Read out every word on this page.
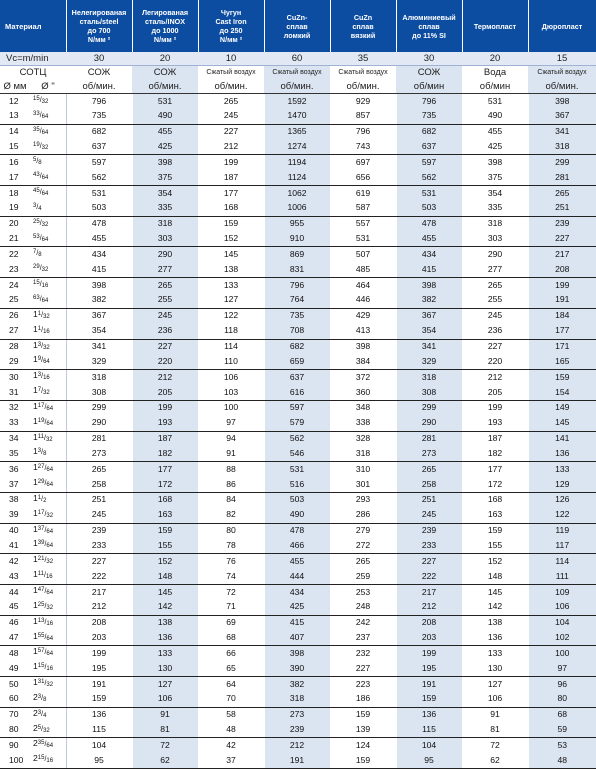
Материал		Нелегированая
сталь/steel
до 700
N/мм ²	Легированая
сталь/INOX
до 1000
N/мм ²	Чугун
Cast Iron
до 250
N/мм ²	CuZn-
сплав
ломкий	CuZn
сплав
вязкий	Алюминиевый
сплав
до 11% SI	Термопласт	Дюропласт

Vc=m/min		30	20	10	60	35	30	20	15
СОТЦ		СОЖ	СОЖ	Сжатый воздух	Сжатый воздух	Сжатый воздух	СОЖ	Вода	Сжатый воздух
Ø мм	Ø "	об/мин.	об/мин.	об/мин.	об/мин.	об/мин.	об/мин	об/мин	об/мин.
12	$^{15}/_{32}$	796	531	265	1592	929	796	531	398
13	$^{33}/_{64}$	735	490	245	1470	857	735	490	367
14	$^{35}/_{64}$	682	455	227	1365	796	682	455	341
15	$^{19}/_{32}$	637	425	212	1274	743	637	425	318
16	$^5/_8$	597	398	199	1194	697	597	398	299
17	$^{43}/_{64}$	562	375	187	1124	656	562	375	281
18	$^{45}/_{64}$	531	354	177	1062	619	531	354	265
19	$^3/_4$	503	335	168	1006	587	503	335	251
20	$^{25}/_{32}$	478	318	159	955	557	478	318	239
21	$^{53}/_{64}$	455	303	152	910	531	455	303	227
22	$^7/_8$	434	290	145	869	507	434	290	217
23	$^{29}/_{32}$	415	277	138	831	485	415	277	208
24	$^{15}/_{16}$	398	265	133	796	464	398	265	199
25	$^{63}/_{64}$	382	255	127	764	446	382	255	191
26	$1^1/_{32}$	367	245	122	735	429	367	245	184
27	$1^1/_{16}$	354	236	118	708	413	354	236	177
28	$1^3/_{32}$	341	227	114	682	398	341	227	171
29	$1^9/_{64}$	329	220	110	659	384	329	220	165
30	$1^3/_{16}$	318	212	106	637	372	318	212	159
31	$1^7/_{32}$	308	205	103	616	360	308	205	154
32	$1^{17}/_{64}$	299	199	100	597	348	299	199	149
33	$1^{19}/_{64}$	290	193	97	579	338	290	193	145
34	$1^{11}/_{32}$	281	187	94	562	328	281	187	141
35	$1^3/_8$	273	182	91	546	318	273	182	136
36	$1^{27}/_{64}$	265	177	88	531	310	265	177	133
37	$1^{29}/_{64}$	258	172	86	516	301	258	172	129
38	$1^1/_2$	251	168	84	503	293	251	168	126
39	$1^{17}/_{32}$	245	163	82	490	286	245	163	122
40	$1^{37}/_{64}$	239	159	80	478	279	239	159	119
41	$1^{39}/_{64}$	233	155	78	466	272	233	155	117
42	$1^{21}/_{32}$	227	152	76	455	265	227	152	114
43	$1^{11}/_{16}$	222	148	74	444	259	222	148	111
44	$1^{47}/_{64}$	217	145	72	434	253	217	145	109
45	$1^{25}/_{32}$	212	142	71	425	248	212	142	106
46	$1^{13}/_{16}$	208	138	69	415	242	208	138	104
47	$1^{55}/_{64}$	203	136	68	407	237	203	136	102
48	$1^{57}/_{64}$	199	133	66	398	232	199	133	100
49	$1^{15}/_{16}$	195	130	65	390	227	195	130	97
50	$1^{31}/_{32}$	191	127	64	382	223	191	127	96
60	$2^3/_8$	159	106	70	318	186	159	106	80
70	$2^3/_4$	136	91	58	273	159	136	91	68
80	$2^5/_{32}$	115	81	48	239	139	115	81	59
90	$2^{35}/_{64}$	104	72	42	212	124	104	72	53
100	$2^{15}/_{16}$	95	62	37	191	159	95	62	48
